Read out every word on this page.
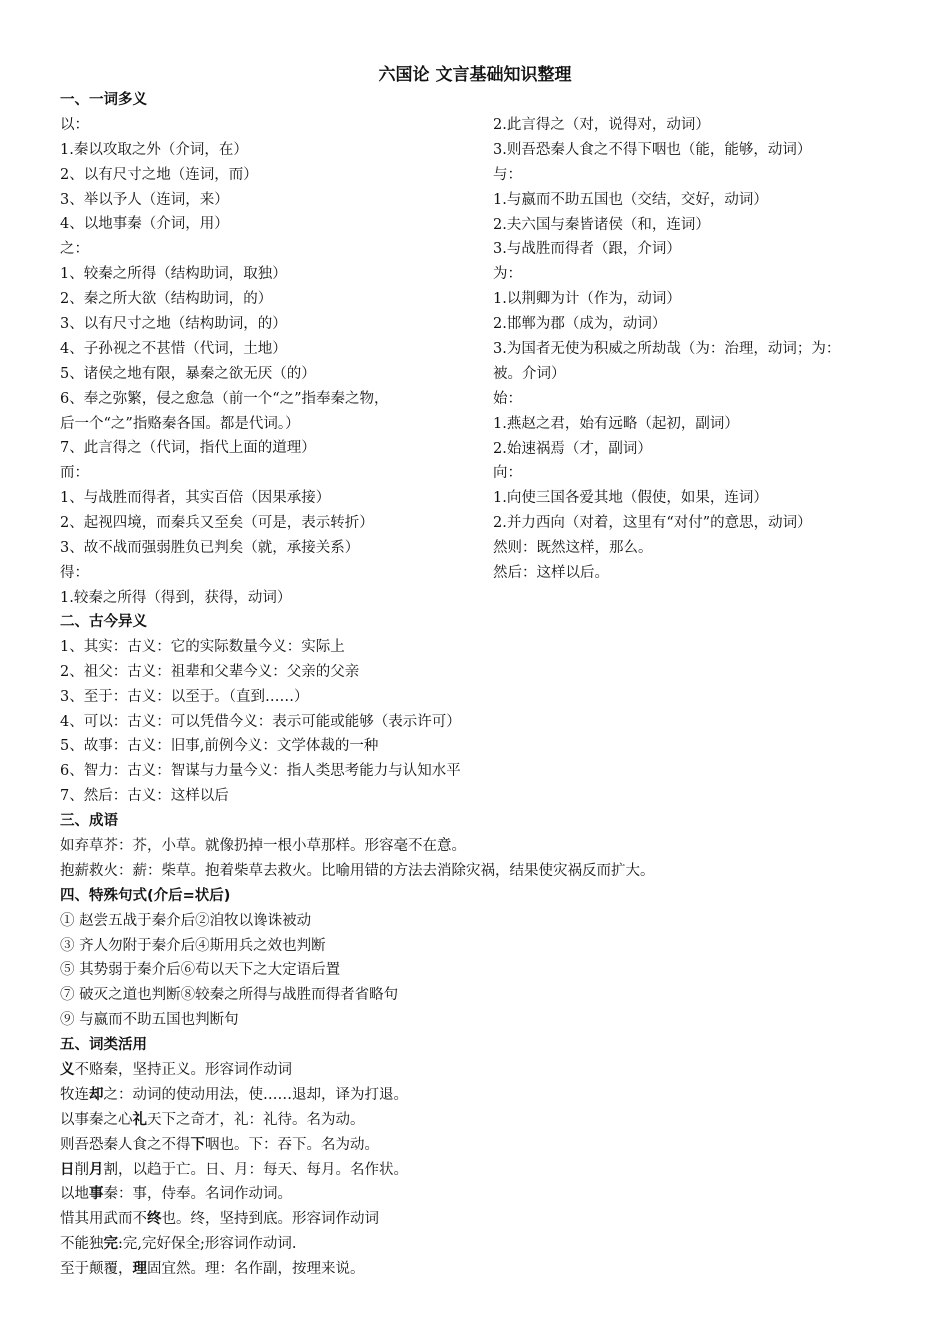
六国论 文言基础知识整理
一、一词多义
以：
1.秦以攻取之外（介词，在）
2、以有尺寸之地（连词，而）
3、举以予人（连词，来）
4、以地事秦（介词，用）
之：
1、较秦之所得（结构助词，取独）
2、秦之所大欲（结构助词，的）
3、以有尺寸之地（结构助词，的）
4、子孙视之不甚惜（代词，土地）
5、诸侯之地有限，暴秦之欲无厌（的）
6、奉之弥繁，侵之愈急（前一个“之”指奉秦之物，
后一个“之”指赂秦各国。都是代词。）
7、此言得之（代词，指代上面的道理）
而：
1、与战胜而得者，其实百倍（因果承接）
2、起视四境，而秦兵又至矣（可是，表示转折）
3、故不战而强弱胜负已判矣（就，承接关系）
得：
1.较秦之所得（得到，获得，动词）
2.此言得之（对，说得对，动词）
3.则吾恐秦人食之不得下咽也（能，能够，动词）
与：
1.与嬴而不助五国也（交结，交好，动词）
2.夫六国与秦皆诸侯（和，连词）
3.与战胜而得者（跟，介词）
为：
1.以荆卿为计（作为，动词）
2.邯郸为郡（成为，动词）
3.为国者无使为积威之所劫哉（为：治理，动词；为：
被。介词）
始：
1.燕赵之君，始有远略（起初，副词）
2.始速祸焉（才，副词）
向：
1.向使三国各爱其地（假使，如果，连词）
2.并力西向（对着，这里有“对付”的意思，动词）
然则：既然这样，那么。
然后：这样以后。
二、古今异义
1、其实：古义：它的实际数量今义：实际上
2、祖父：古义：祖辈和父辈今义：父亲的父亲
3、至于：古义：以至于。（直到……）
4、可以：古义：可以凭借今义：表示可能或能够（表示许可）
5、故事：古义：旧事,前例今义：文学体裁的一种
6、智力：古义：智谋与力量今义：指人类思考能力与认知水平
7、然后：古义：这样以后
三、成语
如弃草芥：芥，小草。就像扔掉一根小草那样。形容毫不在意。
抱薪救火：薪：柴草。抱着柴草去救火。比喻用错的方法去消除灾祸，结果使灾祸反而扩大。
四、特殊句式(介后=状后)
① 赵尝五战于秦介后②洎牧以谗诛被动
③ 齐人勿附于秦介后④斯用兵之效也判断
⑤ 其势弱于秦介后⑥苟以天下之大定语后置
⑦ 破灭之道也判断⑧较秦之所得与战胜而得者省略句
⑨ 与嬴而不助五国也判断句
五、词类活用
义不赂秦，坚持正义。形容词作动词
牧连却之：动词的使动用法，使……退却，译为打退。
以事秦之心礼天下之奇才，礼：礼待。名为动。
则吾恐秦人食之不得下咽也。下：吞下。名为动。
日削月割，以趋于亡。日、月：每天、每月。名作状。
以地事秦：事，侍奉。名词作动词。
惜其用武而不终也。终，坚持到底。形容词作动词
不能独完:完,完好保全;形容词作动词.
至于颠覆，理固宜然。理：名作副，按理来说。
